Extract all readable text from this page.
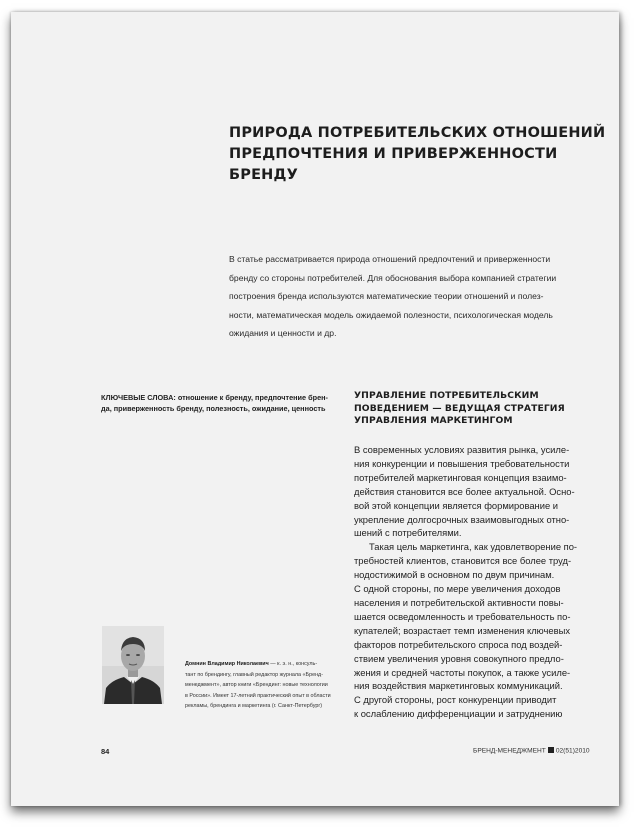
ПРИРОДА ПОТРЕБИТЕЛЬСКИХ ОТНОШЕНИЙ
ПРЕДПОЧТЕНИЯ И ПРИВЕРЖЕННОСТИ
БРЕНДУ
В статье рассматривается природа отношений предпочтений и приверженности
бренду со стороны потребителей. Для обоснования выбора компанией стратегии
построения бренда используются математические теории отношений и полез-
ности, математическая модель ожидаемой полезности, психологическая модель
ожидания и ценности и др.
КЛЮЧЕВЫЕ СЛОВА: отношение к бренду, предпочтение брен-
да, приверженность бренду, полезность, ожидание, ценность
УПРАВЛЕНИЕ ПОТРЕБИТЕЛЬСКИМ
ПОВЕДЕНИЕМ — ВЕДУЩАЯ СТРАТЕГИЯ
УПРАВЛЕНИЯ МАРКЕТИНГОМ
В современных условиях развития рынка, усиле-
ния конкуренции и повышения требовательности
потребителей маркетинговая концепция взаимо-
действия становится все более актуальной. Осно-
вой этой концепции является формирование и
укрепление долгосрочных взаимовыгодных отно-
шений с потребителями.
Такая цель маркетинга, как удовлетворение по-
требностей клиентов, становится все более труд-
нодостижимой в основном по двум причинам.
С одной стороны, по мере увеличения доходов
населения и потребительской активности повы-
шается осведомленность и требовательность по-
купателей; возрастает темп изменения ключевых
факторов потребительского спроса под воздей-
ствием увеличения уровня совокупного предло-
жения и средней частоты покупок, а также усиле-
ния воздействия маркетинговых коммуникаций.
С другой стороны, рост конкуренции приводит
к ослаблению дифференциации и затруднению
Домнин Владимир Николаевич — к. э. н., консуль-
тант по брендингу, главный редактор журнала «Бренд-
менеджмент», автор книги «Брендинг: новые технологии
в России». Имеет 17-летний практический опыт в области
рекламы, брендинга и маркетинга (г. Санкт-Петербург)
84	БРЕНД-МЕНЕДЖМЕНТ 02(51)2010
